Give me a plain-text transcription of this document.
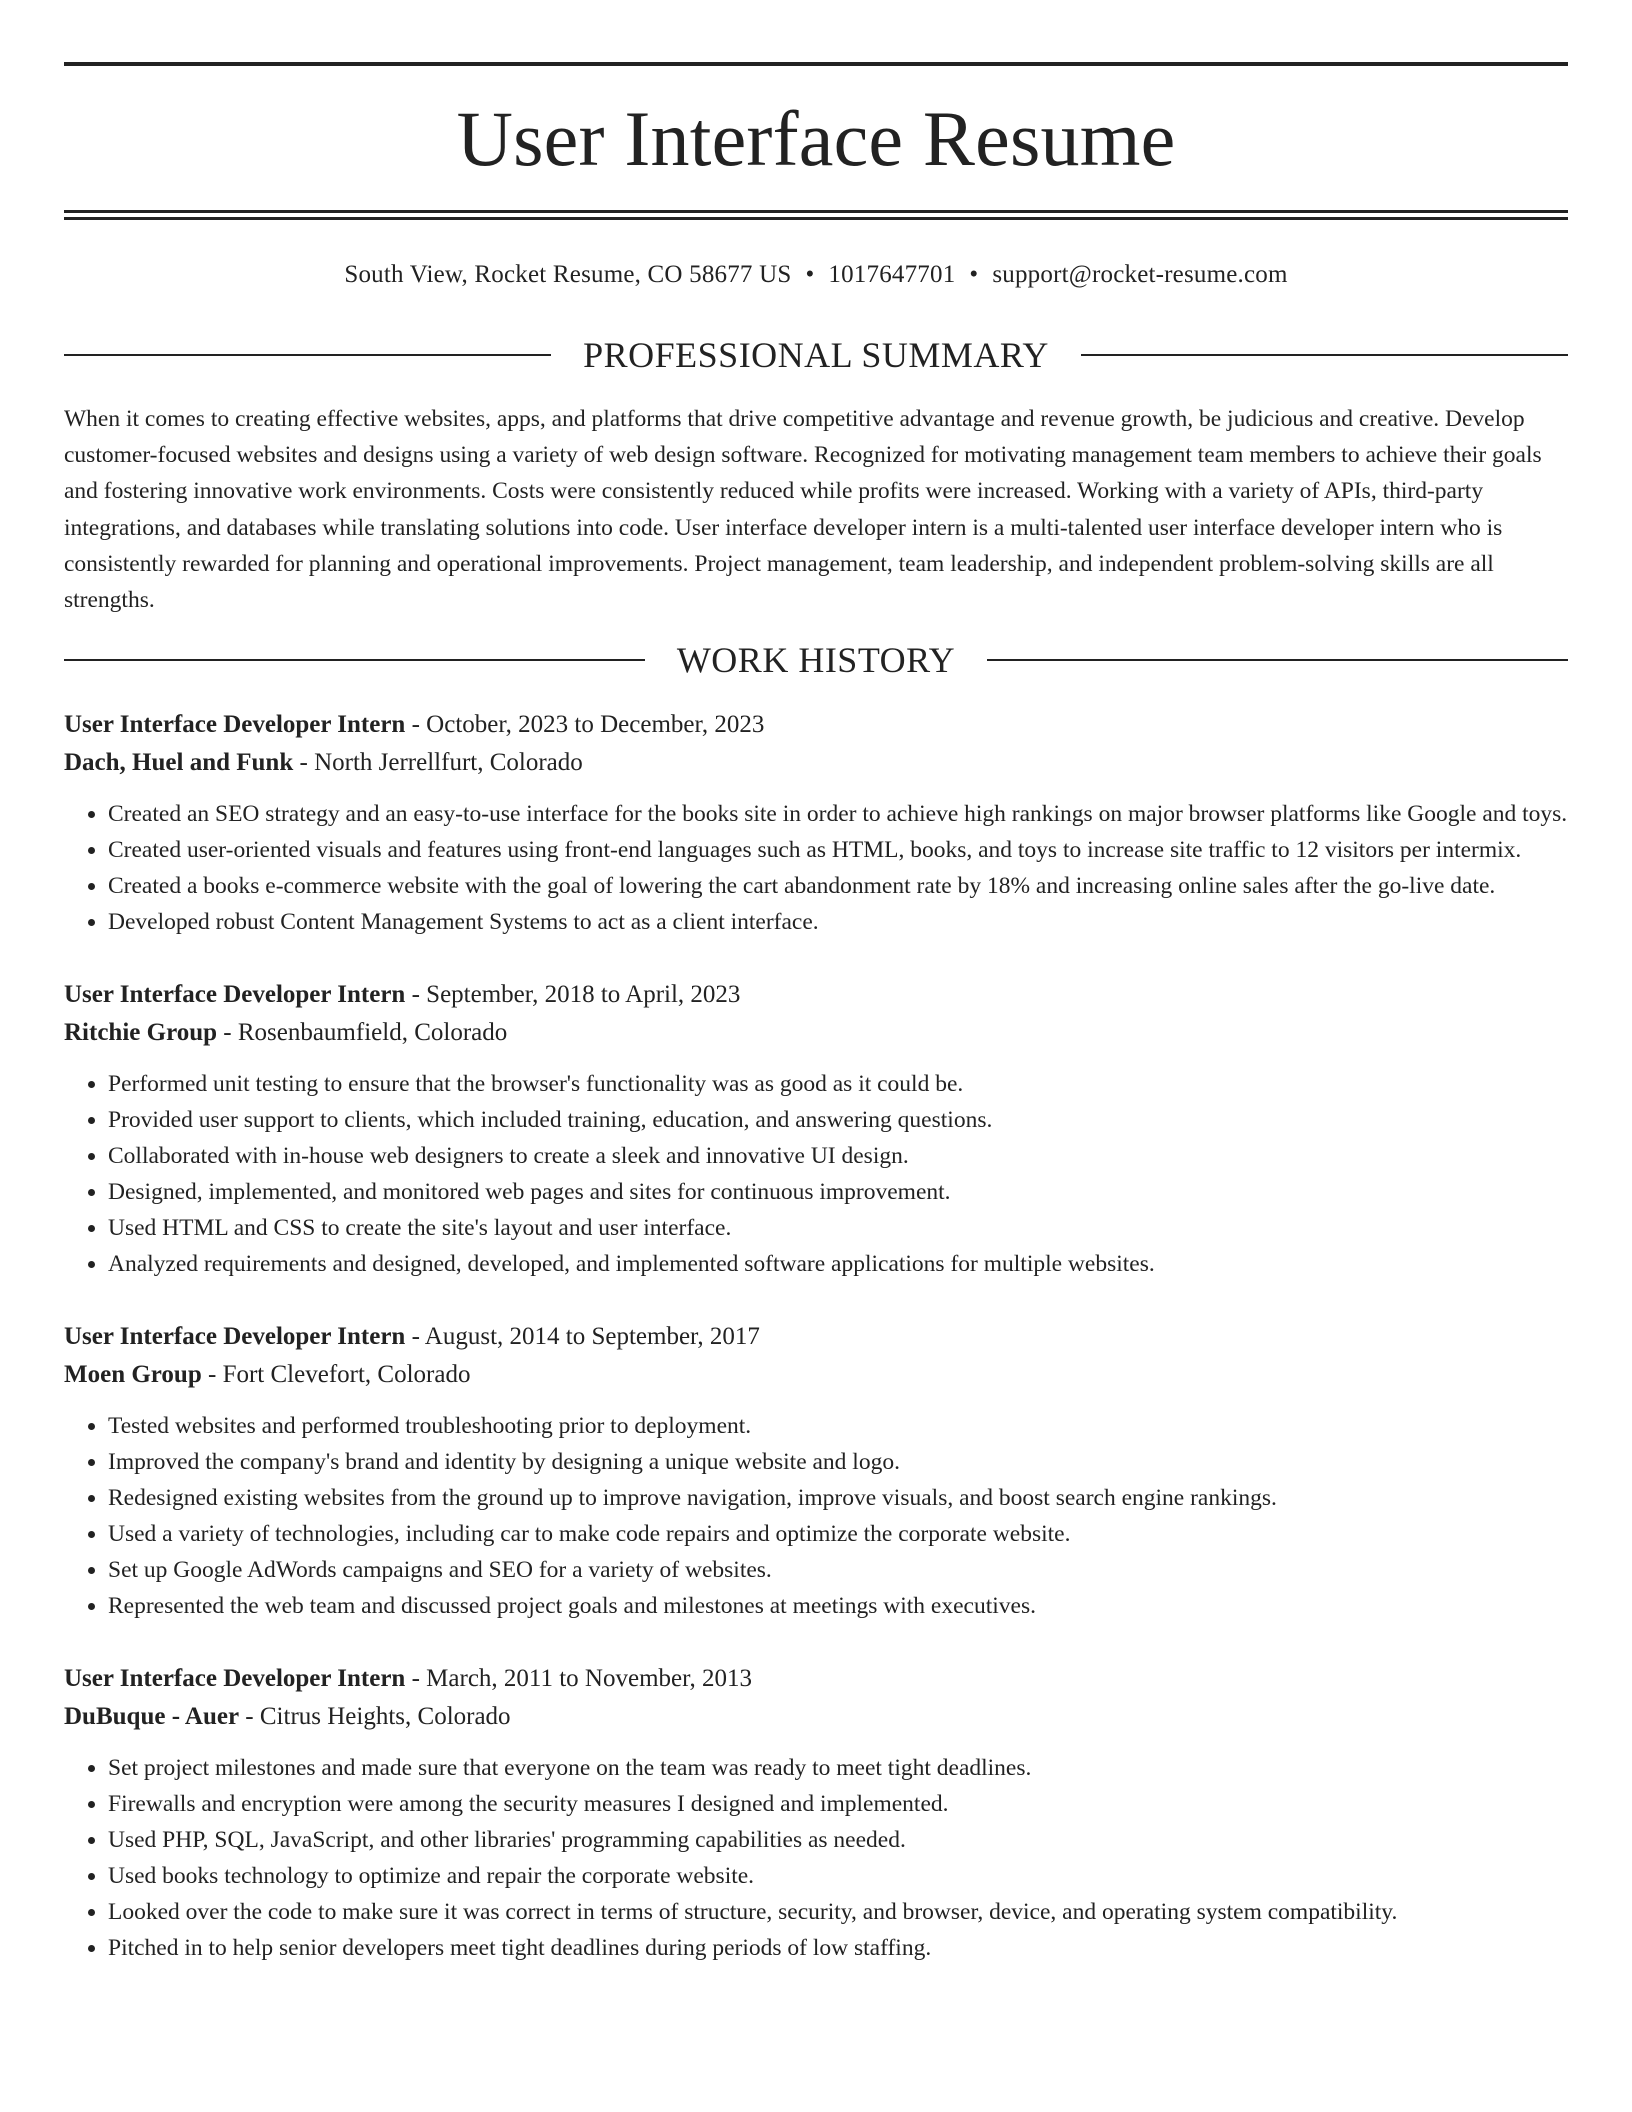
User Interface Resume
South View, Rocket Resume, CO 58677 US • 1017647701 • support@rocket-resume.com
PROFESSIONAL SUMMARY

When it comes to creating effective websites, apps, and platforms that drive competitive advantage and revenue growth, be judicious and creative. Develop customer-focused websites and designs using a variety of web design software. Recognized for motivating management team members to achieve their goals and fostering innovative work environments. Costs were consistently reduced while profits were increased. Working with a variety of APIs, third-party integrations, and databases while translating solutions into code. User interface developer intern is a multi-talented user interface developer intern who is consistently rewarded for planning and operational improvements. Project management, team leadership, and independent problem-solving skills are all strengths.

WORK HISTORY
User Interface Developer Intern - October, 2023 to December, 2023
Dach, Huel and Funk - North Jerrellfurt, Colorado
• Created an SEO strategy and an easy-to-use interface for the books site in order to achieve high rankings on major browser platforms like Google and toys.
• Created user-oriented visuals and features using front-end languages such as HTML, books, and toys to increase site traffic to 12 visitors per intermix.
• Created a books e-commerce website with the goal of lowering the cart abandonment rate by 18% and increasing online sales after the go-live date.
• Developed robust Content Management Systems to act as a client interface.
User Interface Developer Intern - September, 2018 to April, 2023
Ritchie Group - Rosenbaumfield, Colorado
• Performed unit testing to ensure that the browser's functionality was as good as it could be.
• Provided user support to clients, which included training, education, and answering questions.
• Collaborated with in-house web designers to create a sleek and innovative UI design.
• Designed, implemented, and monitored web pages and sites for continuous improvement.
• Used HTML and CSS to create the site's layout and user interface.
• Analyzed requirements and designed, developed, and implemented software applications for multiple websites.
User Interface Developer Intern - August, 2014 to September, 2017
Moen Group - Fort Clevefort, Colorado
• Tested websites and performed troubleshooting prior to deployment.
• Improved the company's brand and identity by designing a unique website and logo.
• Redesigned existing websites from the ground up to improve navigation, improve visuals, and boost search engine rankings.
• Used a variety of technologies, including car to make code repairs and optimize the corporate website.
• Set up Google AdWords campaigns and SEO for a variety of websites.
• Represented the web team and discussed project goals and milestones at meetings with executives.
User Interface Developer Intern - March, 2011 to November, 2013
DuBuque - Auer - Citrus Heights, Colorado
• Set project milestones and made sure that everyone on the team was ready to meet tight deadlines.
• Firewalls and encryption were among the security measures I designed and implemented.
• Used PHP, SQL, JavaScript, and other libraries' programming capabilities as needed.
• Used books technology to optimize and repair the corporate website.
• Looked over the code to make sure it was correct in terms of structure, security, and browser, device, and operating system compatibility.
• Pitched in to help senior developers meet tight deadlines during periods of low staffing.
